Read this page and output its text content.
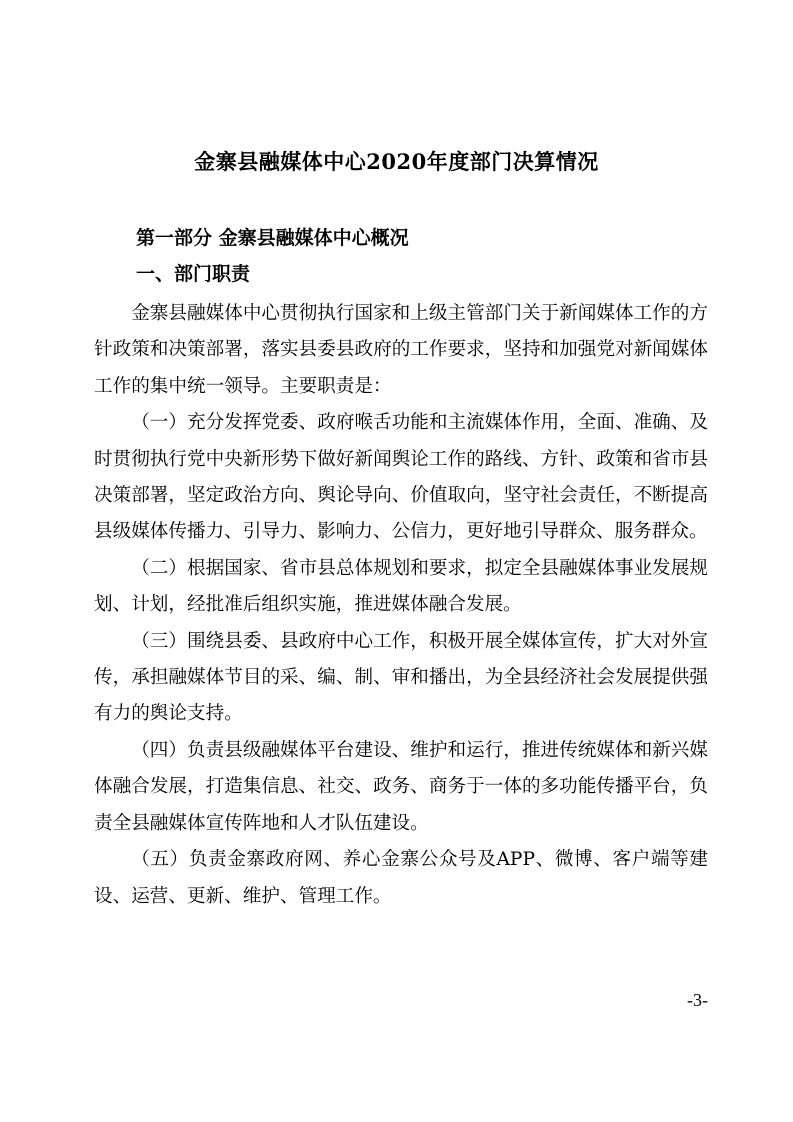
金寨县融媒体中心2020年度部门决算情况
第一部分 金寨县融媒体中心概况
一、部门职责

金寨县融媒体中心贯彻执行国家和上级主管部门关于新闻媒体工作的方针政策和决策部署，落实县委县政府的工作要求，坚持和加强党对新闻媒体工作的集中统一领导。主要职责是：

（一）充分发挥党委、政府喉舌功能和主流媒体作用，全面、准确、及时贯彻执行党中央新形势下做好新闻舆论工作的路线、方针、政策和省市县决策部署，坚定政治方向、舆论导向、价值取向，坚守社会责任，不断提高县级媒体传播力、引导力、影响力、公信力，更好地引导群众、服务群众。

（二）根据国家、省市县总体规划和要求，拟定全县融媒体事业发展规划、计划，经批准后组织实施，推进媒体融合发展。

（三）围绕县委、县政府中心工作，积极开展全媒体宣传，扩大对外宣传，承担融媒体节目的采、编、制、审和播出，为全县经济社会发展提供强有力的舆论支持。

（四）负责县级融媒体平台建设、维护和运行，推进传统媒体和新兴媒体融合发展，打造集信息、社交、政务、商务于一体的多功能传播平台，负责全县融媒体宣传阵地和人才队伍建设。

（五）负责金寨政府网、养心金寨公众号及APP、微博、客户端等建设、运营、更新、维护、管理工作。

-3-
